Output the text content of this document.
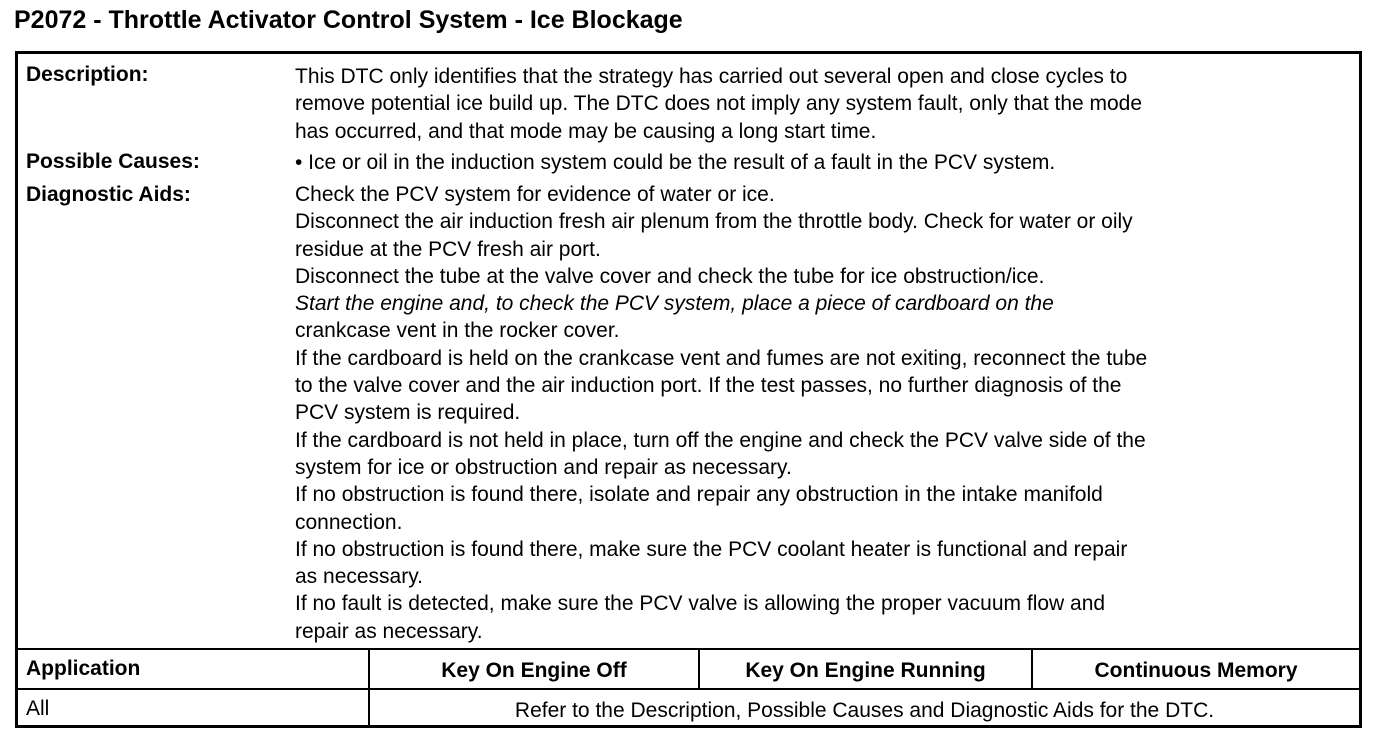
P2072 - Throttle Activator Control System - Ice Blockage
Description:	This DTC only identifies that the strategy has carried out several open and close cycles to

remove potential ice build up. The DTC does not imply any system fault, only that the mode

has occurred, and that mode may be causing a long start time.

Possible Causes:	• Ice or oil in the induction system could be the result of a fault in the PCV system.

Diagnostic Aids:	Check the PCV system for evidence of water or ice.

Disconnect the air induction fresh air plenum from the throttle body. Check for water or oily

residue at the PCV fresh air port.

Disconnect the tube at the valve cover and check the tube for ice obstruction/ice.

Start the engine and, to check the PCV system, place a piece of cardboard on the

crankcase vent in the rocker cover.

If the cardboard is held on the crankcase vent and fumes are not exiting, reconnect the tube

to the valve cover and the air induction port. If the test passes, no further diagnosis of the

PCV system is required.

If the cardboard is not held in place, turn off the engine and check the PCV valve side of the

system for ice or obstruction and repair as necessary.

If no obstruction is found there, isolate and repair any obstruction in the intake manifold

connection.

If no obstruction is found there, make sure the PCV coolant heater is functional and repair

as necessary.

If no fault is detected, make sure the PCV valve is allowing the proper vacuum flow and

repair as necessary.

Application	Key On Engine Off	Key On Engine Running	Continuous Memory
All	Refer to the Description, Possible Causes and Diagnostic Aids for the DTC.
